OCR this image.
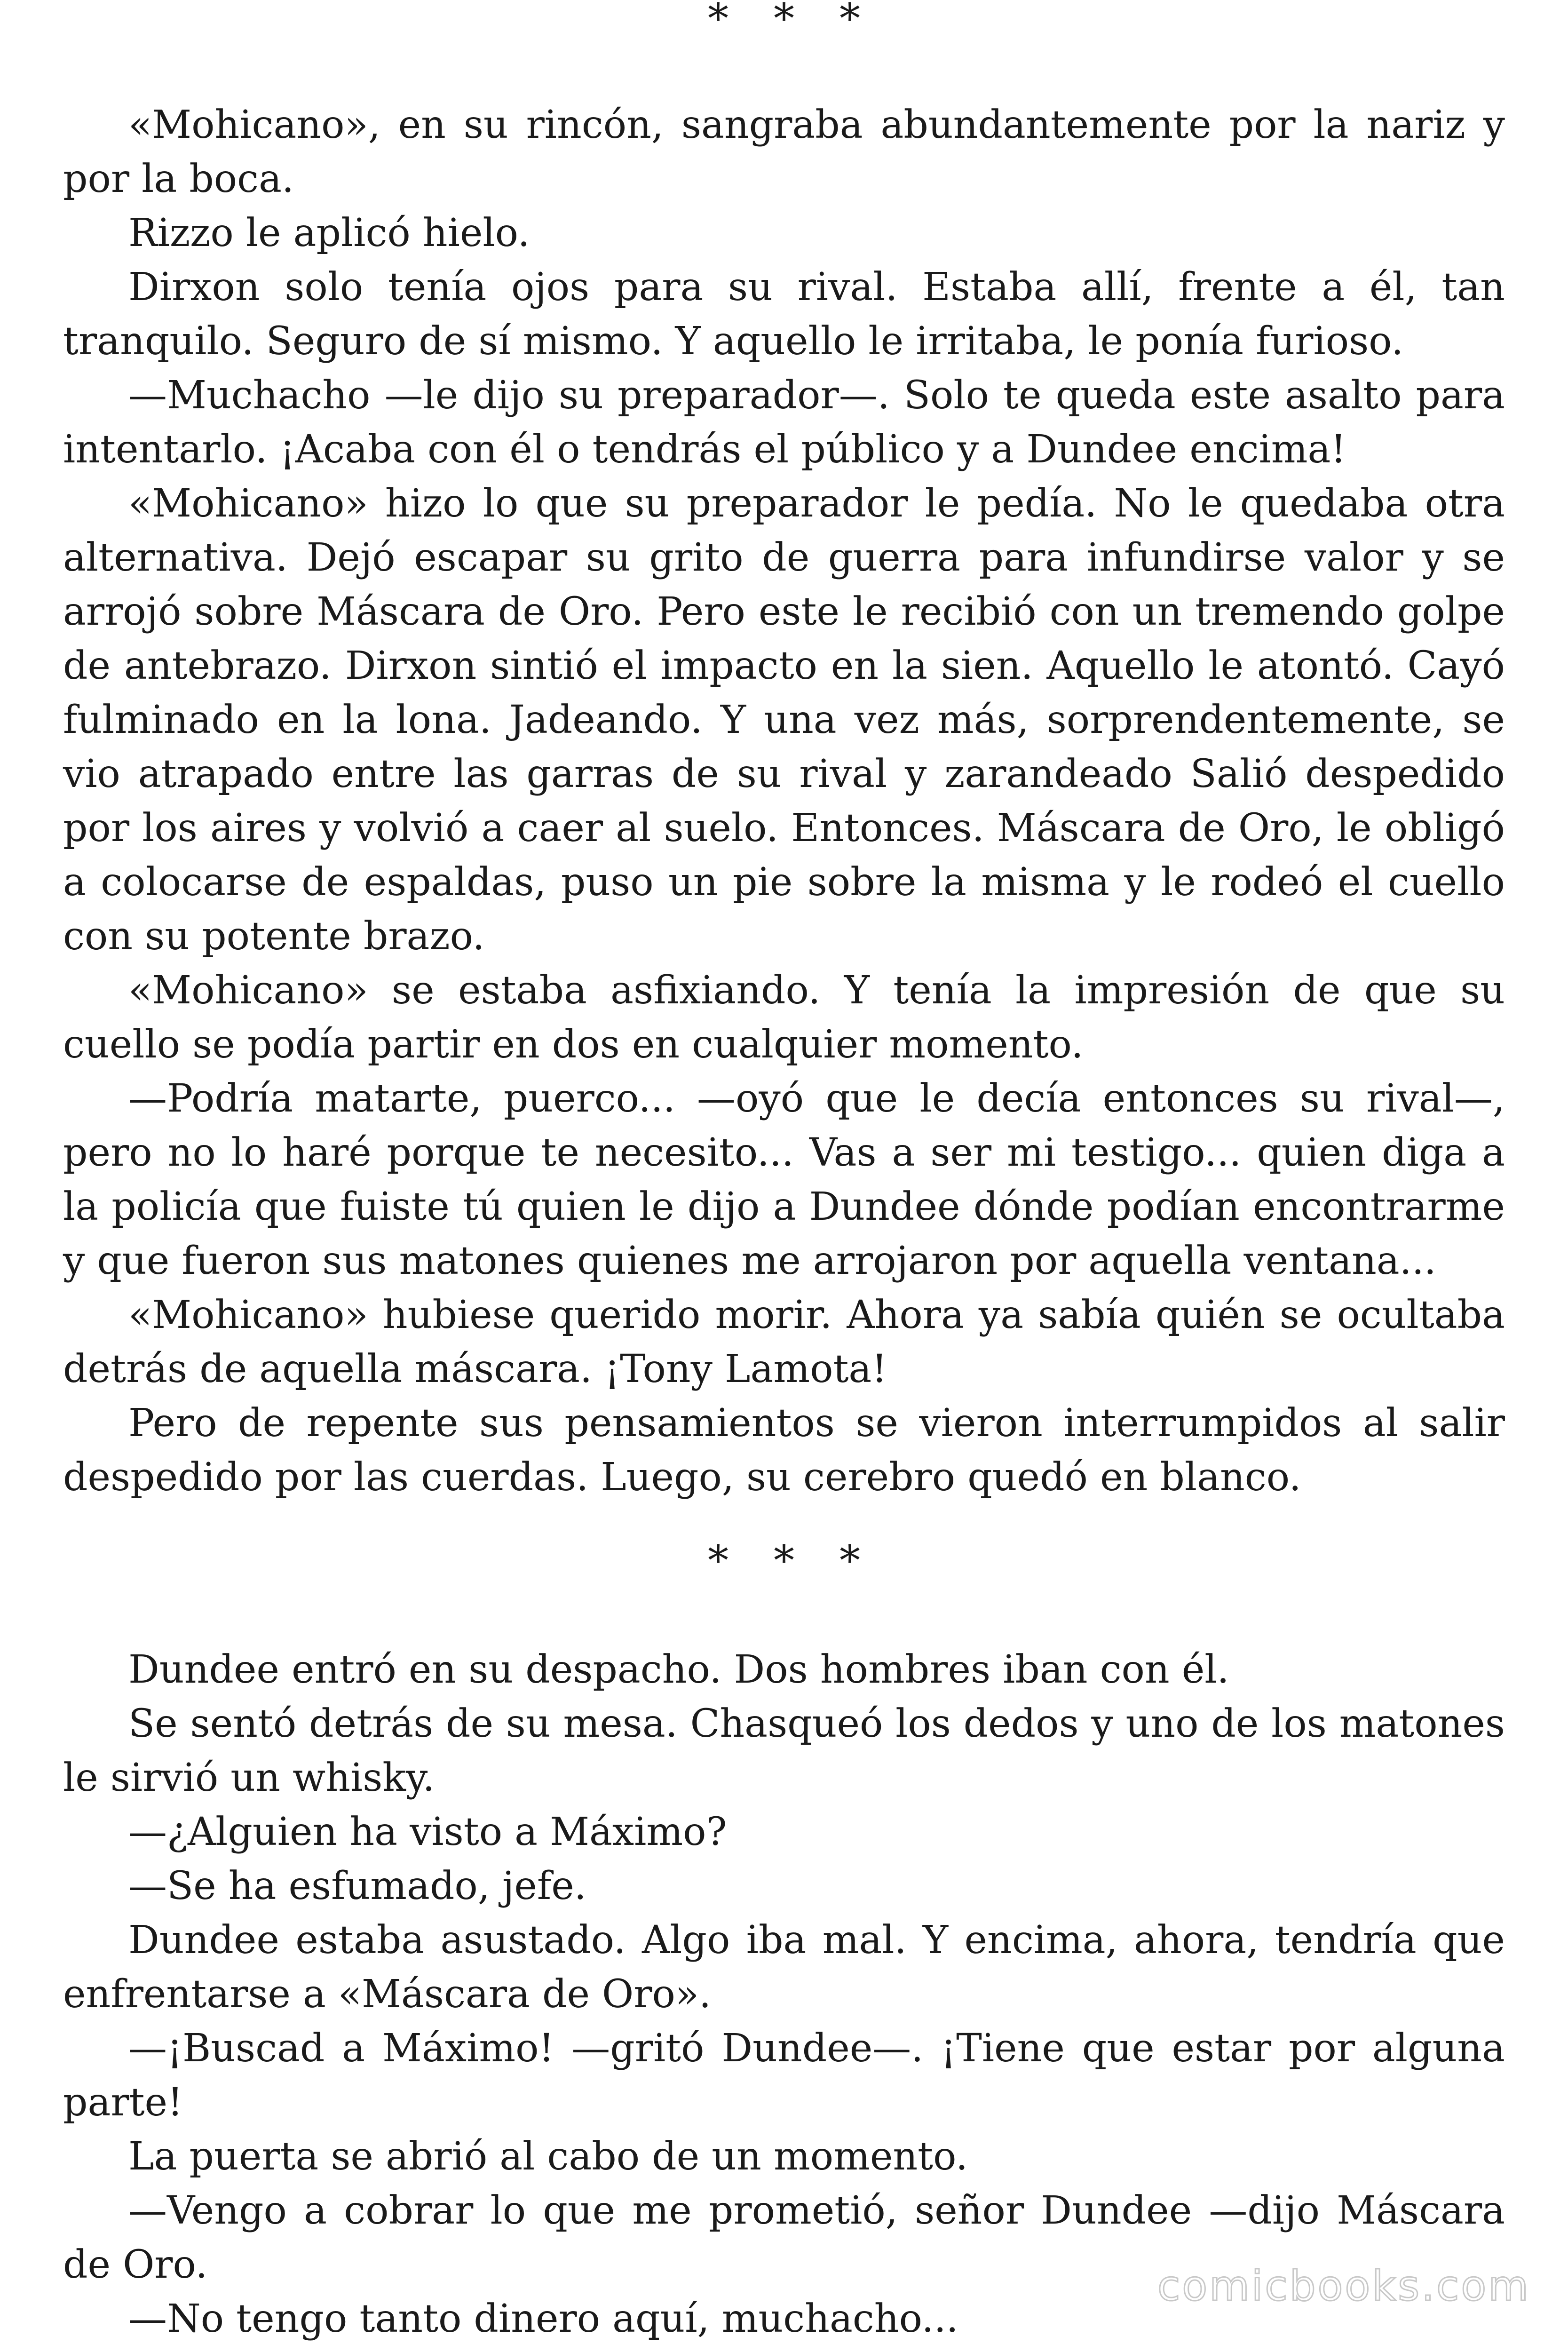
* * *

«Mohicano», en su rincón, sangraba abundantemente por la nariz y por la boca.

Rizzo le aplicó hielo.

Dirxon solo tenía ojos para su rival. Estaba allí, frente a él, tan tranquilo. Seguro de sí mismo. Y aquello le irritaba, le ponía furioso.

—Muchacho —le dijo su preparador—. Solo te queda este asalto para intentarlo. ¡Acaba con él o tendrás el público y a Dundee encima!

«Mohicano» hizo lo que su preparador le pedía. No le quedaba otra alternativa. Dejó escapar su grito de guerra para infundirse valor y se arrojó sobre Máscara de Oro. Pero este le recibió con un tremendo golpe de antebrazo. Dirxon sintió el impacto en la sien. Aquello le atontó. Cayó fulminado en la lona. Jadeando. Y una vez más, sorprendentemente, se vio atrapado entre las garras de su rival y zarandeado Salió despedido por los aires y volvió a caer al suelo. Entonces. Máscara de Oro, le obligó a colocarse de espaldas, puso un pie sobre la misma y le rodeó el cuello con su potente brazo.

«Mohicano» se estaba asfixiando. Y tenía la impresión de que su cuello se podía partir en dos en cualquier momento.

—Podría matarte, puerco... —oyó que le decía entonces su rival—, pero no lo haré porque te necesito... Vas a ser mi testigo... quien diga a la policía que fuiste tú quien le dijo a Dundee dónde podían encontrarme y que fueron sus matones quienes me arrojaron por aquella ventana...

«Mohicano» hubiese querido morir. Ahora ya sabía quién se ocultaba detrás de aquella máscara. ¡Tony Lamota!

Pero de repente sus pensamientos se vieron interrumpidos al salir despedido por las cuerdas. Luego, su cerebro quedó en blanco.

* * *

Dundee entró en su despacho. Dos hombres iban con él.

Se sentó detrás de su mesa. Chasqueó los dedos y uno de los matones le sirvió un whisky.

—¿Alguien ha visto a Máximo?

—Se ha esfumado, jefe.

Dundee estaba asustado. Algo iba mal. Y encima, ahora, tendría que enfrentarse a «Máscara de Oro».

—¡Buscad a Máximo! —gritó Dundee—. ¡Tiene que estar por alguna parte!

La puerta se abrió al cabo de un momento.

—Vengo a cobrar lo que me prometió, señor Dundee —dijo Máscara de Oro.

—No tengo tanto dinero aquí, muchacho...

comicbooks.com
